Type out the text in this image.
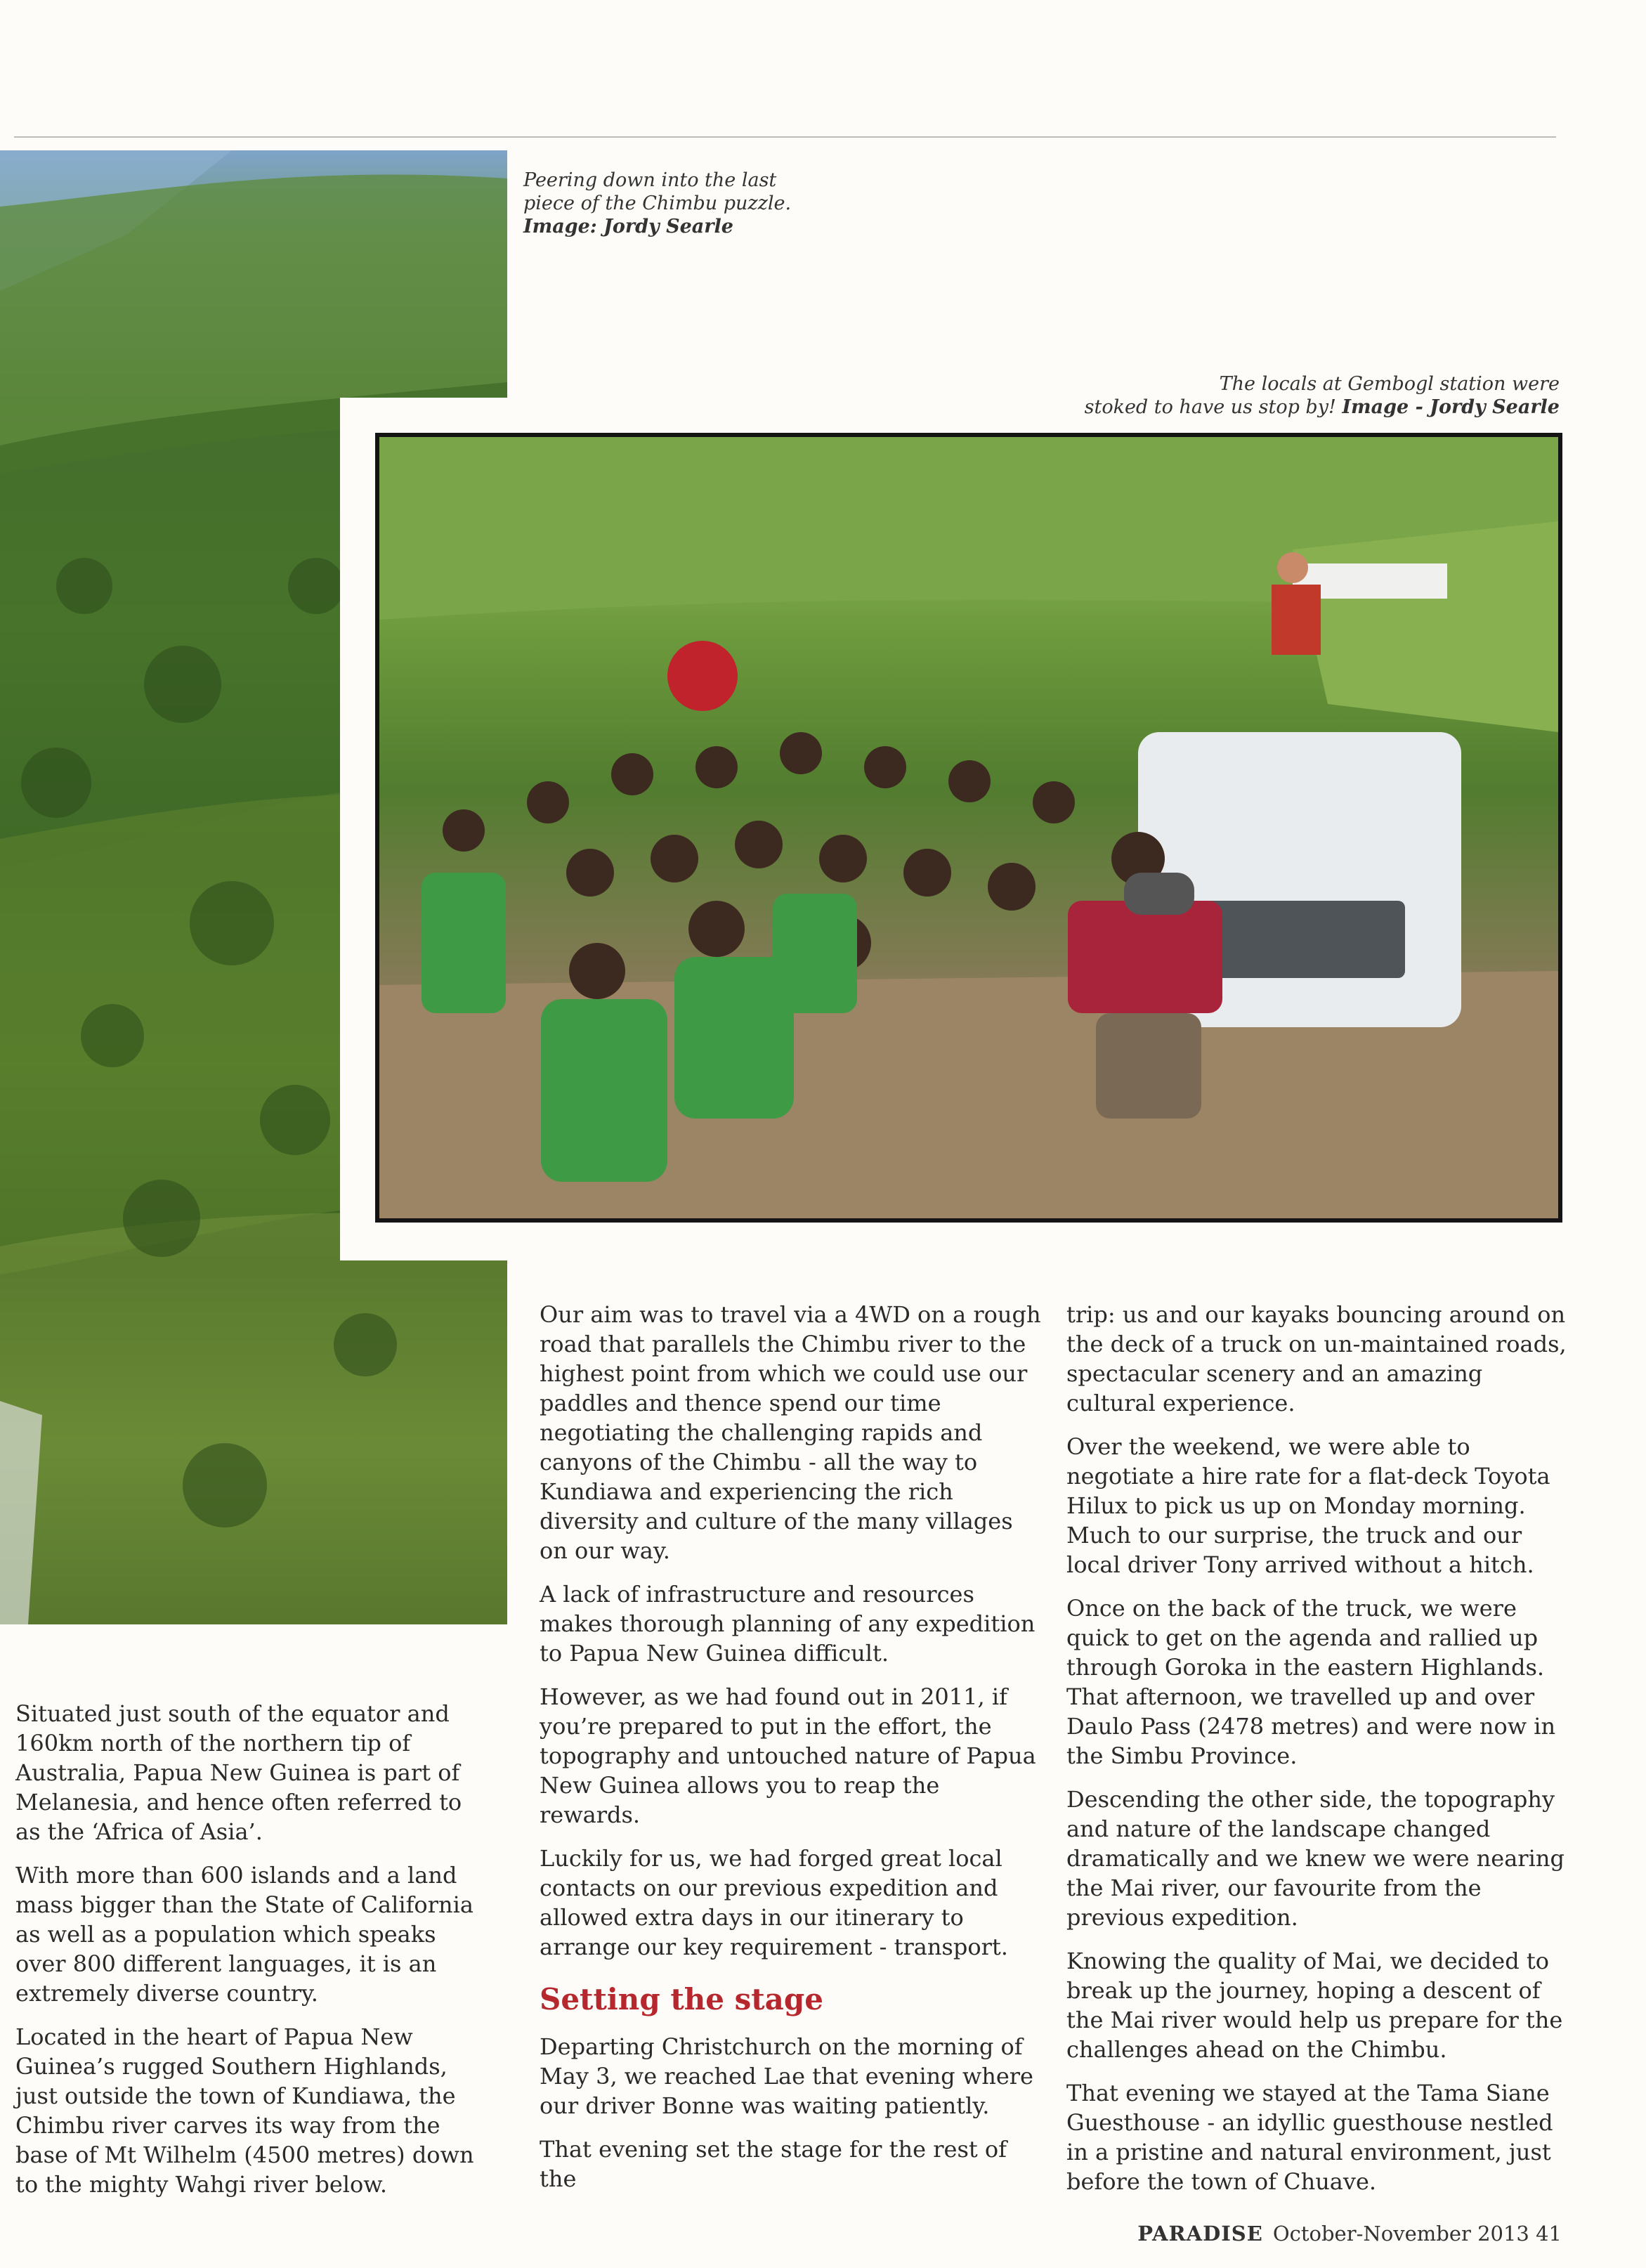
Peering down into the last
piece of the Chimbu puzzle.
Image: Jordy Searle
The locals at Gembogl station were
stoked to have us stop by! Image - Jordy Searle

Situated just south of the equator and 160km north of the northern tip of Australia, Papua New Guinea is part of Melanesia, and hence often referred to as the ‘Africa of Asia’.

With more than 600 islands and a land mass bigger than the State of California as well as a population which speaks over 800 different languages, it is an extremely diverse country.

Located in the heart of Papua New Guinea’s rugged Southern Highlands, just outside the town of Kundiawa, the Chimbu river carves its way from the base of Mt Wilhelm (4500 metres) down to the mighty Wahgi river below.

Our aim was to travel via a 4WD on a rough road that parallels the Chimbu river to the highest point from which we could use our paddles and thence spend our time negotiating the challenging rapids and canyons of the Chimbu - all the way to Kundiawa and experiencing the rich diversity and culture of the many villages on our way.

A lack of infrastructure and resources makes thorough planning of any expedition to Papua New Guinea difficult.

However, as we had found out in 2011, if you’re prepared to put in the effort, the topography and untouched nature of Papua New Guinea allows you to reap the rewards.

Luckily for us, we had forged great local contacts on our previous expedition and allowed extra days in our itinerary to arrange our key requirement - transport.

Setting the stage

Departing Christchurch on the morning of May 3, we reached Lae that evening where our driver Bonne was waiting patiently.

That evening set the stage for the rest of the

trip: us and our kayaks bouncing around on the deck of a truck on un-maintained roads, spectacular scenery and an amazing cultural experience.

Over the weekend, we were able to negotiate a hire rate for a flat-deck Toyota Hilux to pick us up on Monday morning. Much to our surprise, the truck and our local driver Tony arrived without a hitch.

Once on the back of the truck, we were quick to get on the agenda and rallied up through Goroka in the eastern Highlands. That afternoon, we travelled up and over Daulo Pass (2478 metres) and were now in the Simbu Province.

Descending the other side, the topography and nature of the landscape changed dramatically and we knew we were nearing the Mai river, our favourite from the previous expedition.

Knowing the quality of Mai, we decided to break up the journey, hoping a descent of the Mai river would help us prepare for the challenges ahead on the Chimbu.

That evening we stayed at the Tama Siane Guesthouse - an idyllic guesthouse nestled in a pristine and natural environment, just before the town of Chuave.

PARADISE October-November 2013 41
